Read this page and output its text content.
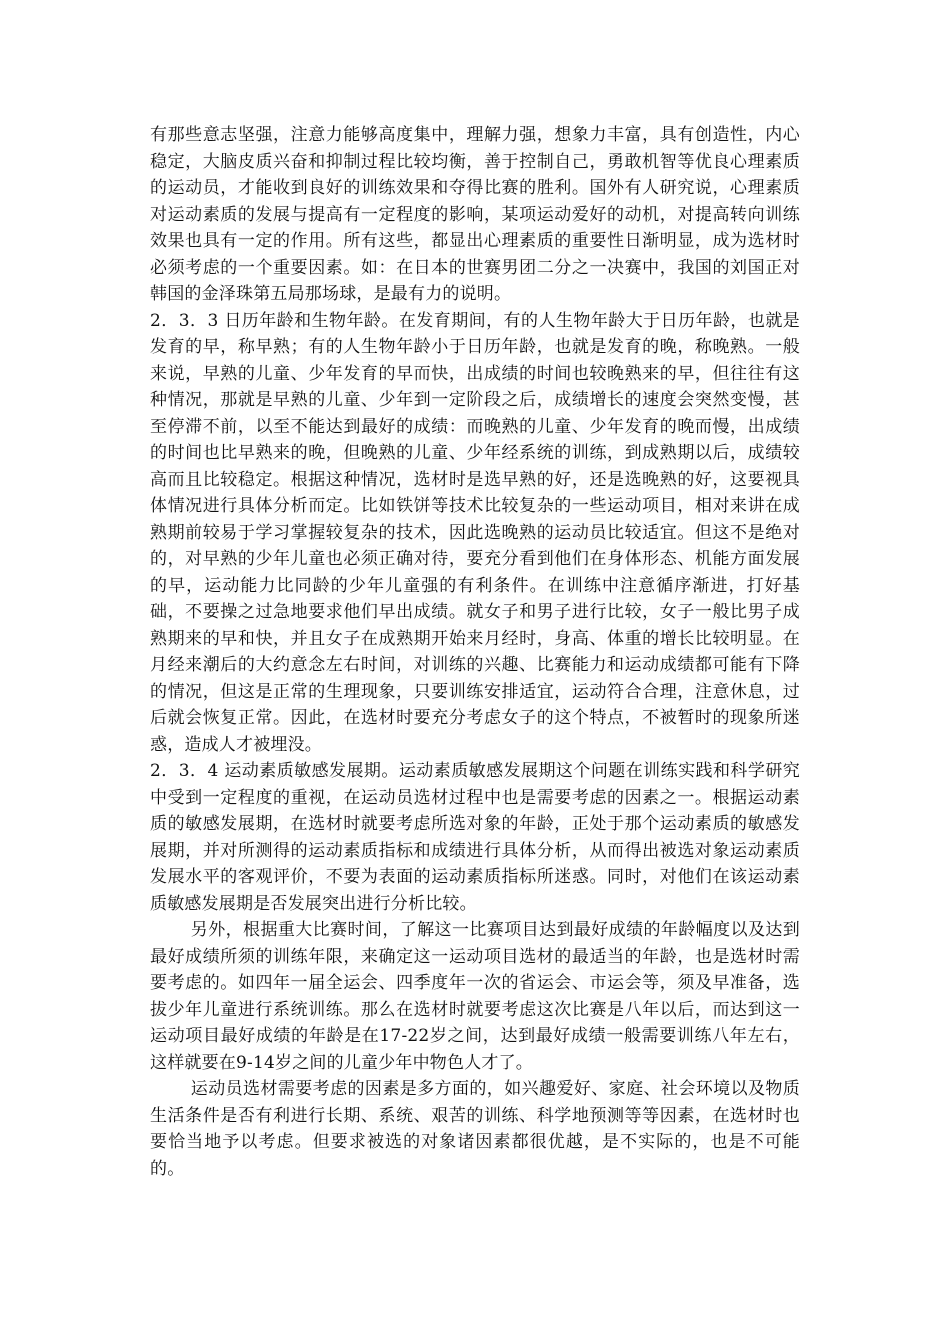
有那些意志坚强，注意力能够高度集中，理解力强，想象力丰富，具有创造性，内心稳定，大脑皮质兴奋和抑制过程比较均衡，善于控制自己，勇敢机智等优良心理素质的运动员，才能收到良好的训练效果和夺得比赛的胜利。国外有人研究说，心理素质对运动素质的发展与提高有一定程度的影响，某项运动爱好的动机，对提高转向训练效果也具有一定的作用。所有这些，都显出心理素质的重要性日渐明显，成为选材时必须考虑的一个重要因素。如：在日本的世赛男团二分之一决赛中，我国的刘国正对韩国的金泽珠第五局那场球，是最有力的说明。

2．3．3 日历年龄和生物年龄。在发育期间，有的人生物年龄大于日历年龄，也就是发育的早，称早熟；有的人生物年龄小于日历年龄，也就是发育的晚，称晚熟。一般来说，早熟的儿童、少年发育的早而快，出成绩的时间也较晚熟来的早，但往往有这种情况，那就是早熟的儿童、少年到一定阶段之后，成绩增长的速度会突然变慢，甚至停滞不前，以至不能达到最好的成绩：而晚熟的儿童、少年发育的晚而慢，出成绩的时间也比早熟来的晚，但晚熟的儿童、少年经系统的训练，到成熟期以后，成绩较高而且比较稳定。根据这种情况，选材时是选早熟的好，还是选晚熟的好，这要视具体情况进行具体分析而定。比如铁饼等技术比较复杂的一些运动项目，相对来讲在成熟期前较易于学习掌握较复杂的技术，因此选晚熟的运动员比较适宜。但这不是绝对的，对早熟的少年儿童也必须正确对待，要充分看到他们在身体形态、机能方面发展的早，运动能力比同龄的少年儿童强的有利条件。在训练中注意循序渐进，打好基础，不要操之过急地要求他们早出成绩。就女子和男子进行比较，女子一般比男子成熟期来的早和快，并且女子在成熟期开始来月经时，身高、体重的增长比较明显。在月经来潮后的大约意念左右时间，对训练的兴趣、比赛能力和运动成绩都可能有下降的情况，但这是正常的生理现象，只要训练安排适宜，运动符合合理，注意休息，过后就会恢复正常。因此，在选材时要充分考虑女子的这个特点，不被暂时的现象所迷惑，造成人才被埋没。

2．3．4 运动素质敏感发展期。运动素质敏感发展期这个问题在训练实践和科学研究中受到一定程度的重视，在运动员选材过程中也是需要考虑的因素之一。根据运动素质的敏感发展期，在选材时就要考虑所选对象的年龄，正处于那个运动素质的敏感发展期，并对所测得的运动素质指标和成绩进行具体分析，从而得出被选对象运动素质发展水平的客观评价，不要为表面的运动素质指标所迷惑。同时，对他们在该运动素质敏感发展期是否发展突出进行分析比较。

另外，根据重大比赛时间，了解这一比赛项目达到最好成绩的年龄幅度以及达到最好成绩所须的训练年限，来确定这一运动项目选材的最适当的年龄，也是选材时需要考虑的。如四年一届全运会、四季度年一次的省运会、市运会等，须及早准备，选拔少年儿童进行系统训练。那么在选材时就要考虑这次比赛是八年以后，而达到这一运动项目最好成绩的年龄是在17-22岁之间，达到最好成绩一般需要训练八年左右，这样就要在9-14岁之间的儿童少年中物色人才了。

运动员选材需要考虑的因素是多方面的，如兴趣爱好、家庭、社会环境以及物质生活条件是否有利进行长期、系统、艰苦的训练、科学地预测等等因素，在选材时也要恰当地予以考虑。但要求被选的对象诸因素都很优越，是不实际的，也是不可能的。
